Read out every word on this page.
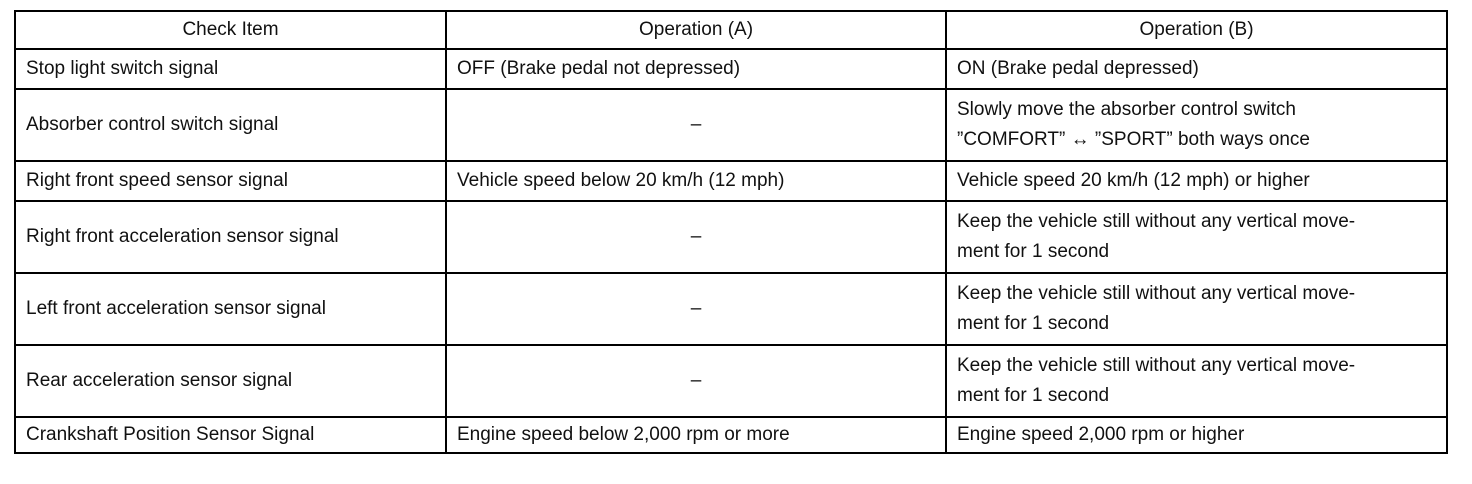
Check Item	Operation (A)	Operation (B)
Stop light switch signal	OFF (Brake pedal not depressed)	ON (Brake pedal depressed)
Absorber control switch signal	–	Slowly move the absorber control switch
”COMFORT” ↔ ”SPORT” both ways once
Right front speed sensor signal	Vehicle speed below 20 km/h (12 mph)	Vehicle speed 20 km/h (12 mph) or higher
Right front acceleration sensor signal	–	Keep the vehicle still without any vertical move-
ment for 1 second
Left front acceleration sensor signal	–	Keep the vehicle still without any vertical move-
ment for 1 second
Rear acceleration sensor signal	–	Keep the vehicle still without any vertical move-
ment for 1 second
Crankshaft Position Sensor Signal	Engine speed below 2,000 rpm or more	Engine speed 2,000 rpm or higher
